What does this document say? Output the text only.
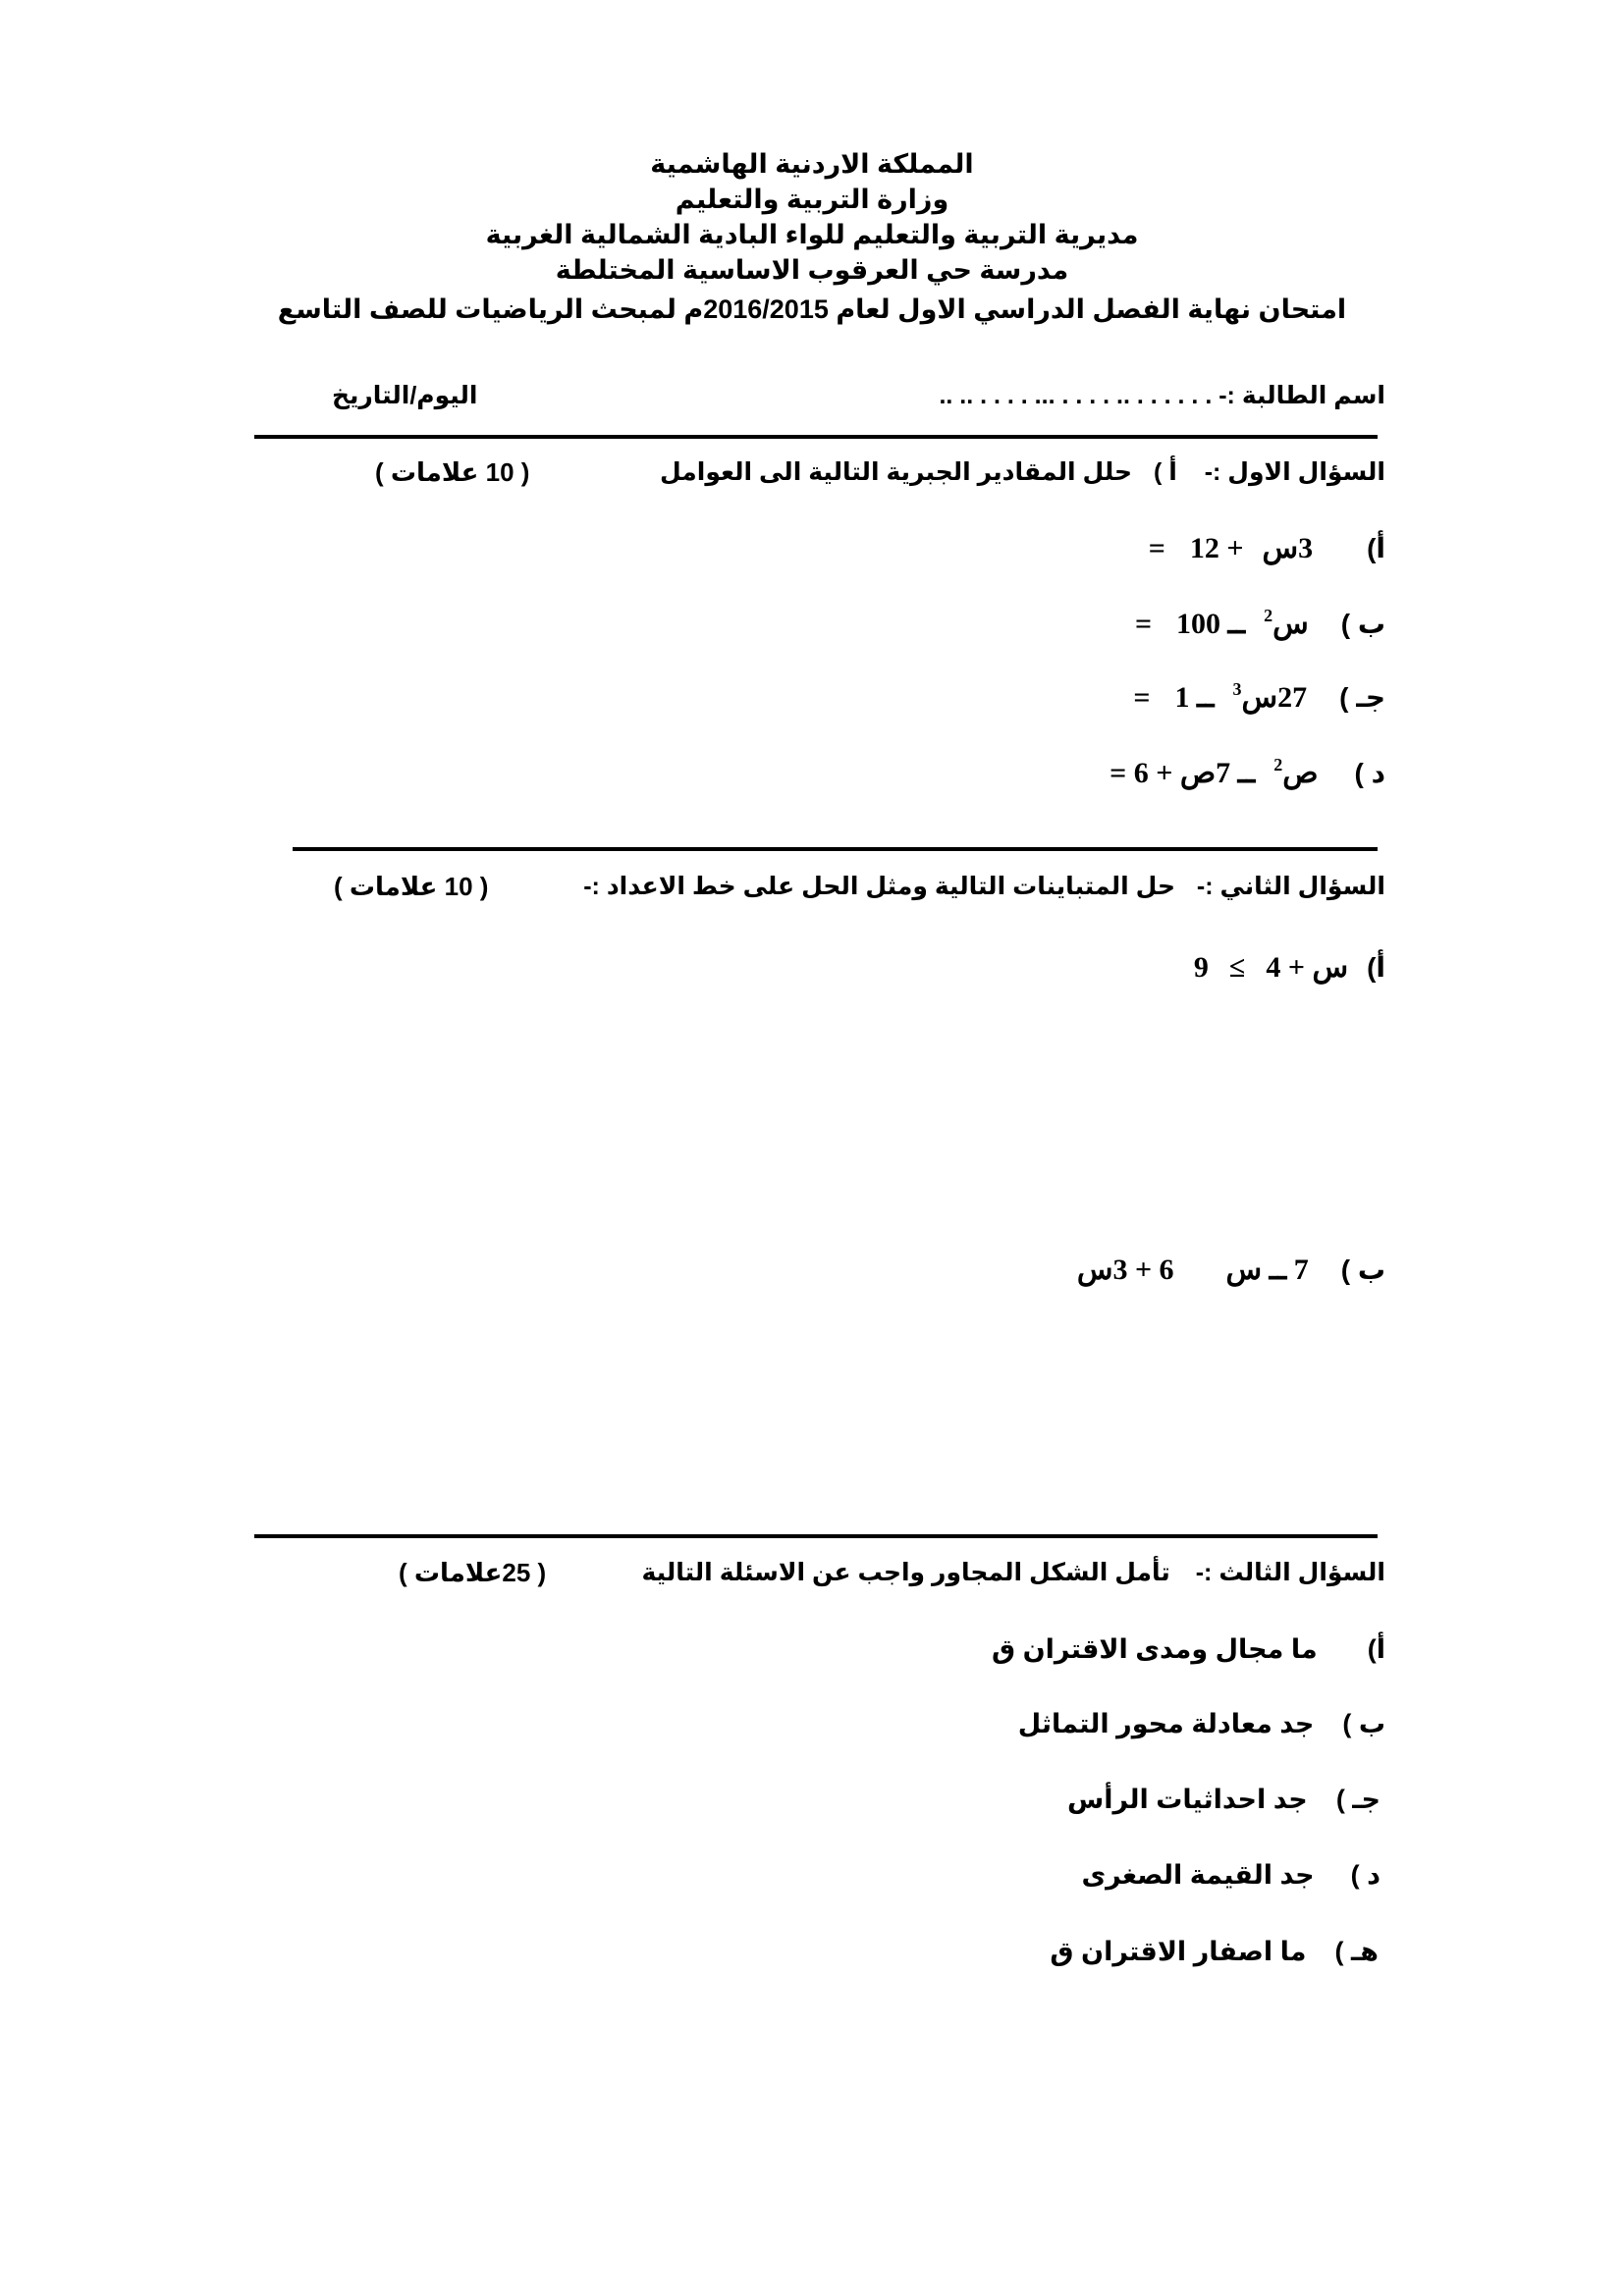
المملكة الاردنية الهاشمية
وزارة التربية والتعليم
مديرية التربية والتعليم للواء البادية الشمالية الغربية
مدرسة حي العرقوب الاساسية المختلطة
امتحان نهاية الفصل الدراسي الاول لعام 2016/2015م لمبحث الرياضيات للصف التاسع
اسم الطالبة :- . . . . . . .. . . . . ... . . . . .. ..
اليوم/التاريخ
السؤال الاول :-  أ )  حلل المقادير الجبرية التالية الى العوامل
( 10 علامات )
أ)  3س  + 12  =
ب )  س$^2$  ــ 100  =
جـ )  27س$^3$  ــ 1  =
د )  ص$^2$  ــ 7ص + 6 =
السؤال الثاني :-  حل المتباينات التالية ومثل الحل على خط الاعداد :-
( 10 علامات )
أ)  س + 4  ≥  9
ب )  7 ــ س  6 + 3س
السؤال الثالث :-  تأمل الشكل المجاور واجب عن الاسئلة التالية
( 25علامات )
أ)  ما مجال ومدى الاقتران ق
ب )  جد معادلة محور التماثل
جـ )  جد احداثيات الرأس
د )  جد القيمة الصغرى
هـ )  ما اصفار الاقتران ق
